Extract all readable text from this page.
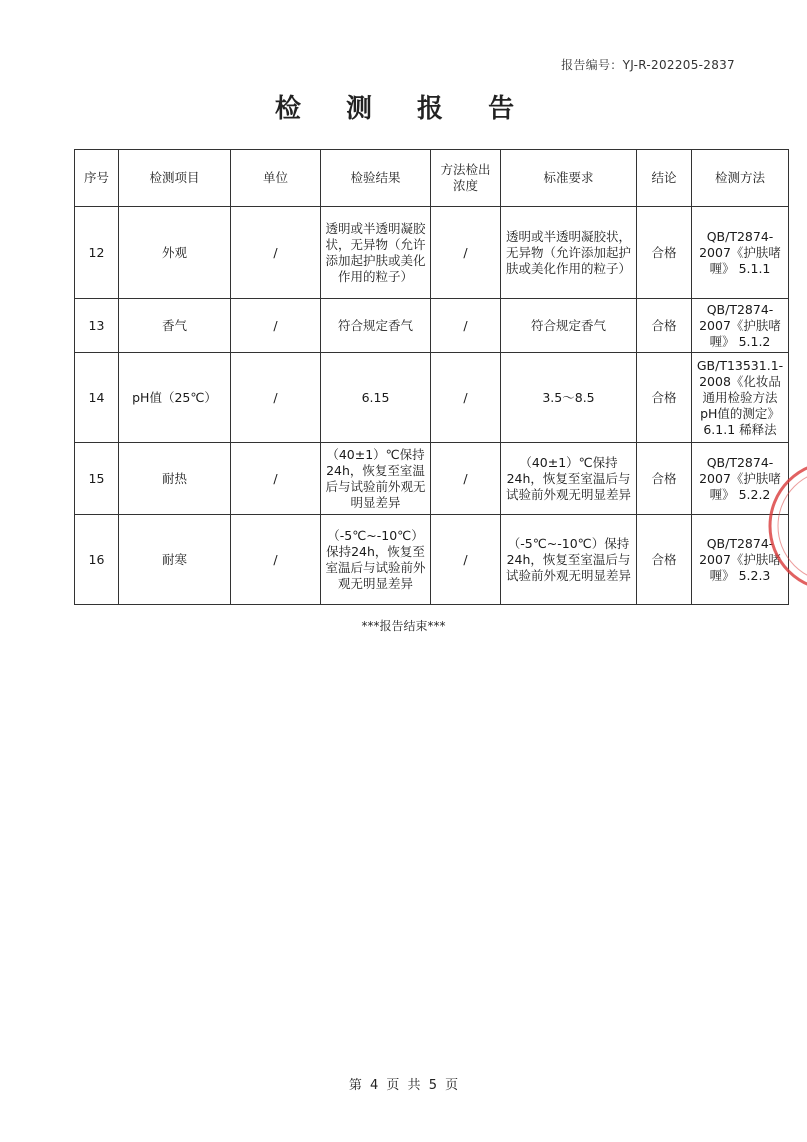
报告编号：YJ-R-202205-2837
检 测 报 告
序号	检测项目	单位	检验结果	方法检出浓度	标准要求	结论	检测方法
12	外观	/	透明或半透明凝胶状，无异物（允许添加起护肤或美化作用的粒子）	/	透明或半透明凝胶状，无异物（允许添加起护肤或美化作用的粒子）	合格	QB/T2874-2007《护肤啫喱》 5.1.1
13	香气	/	符合规定香气	/	符合规定香气	合格	QB/T2874-2007《护肤啫喱》 5.1.2
14	pH值（25℃）	/	6.15	/	3.5～8.5	合格	GB/T13531.1-2008《化妆品通用检验方法pH值的测定》6.1.1 稀释法
15	耐热	/	（40±1）℃保持24h，恢复至室温后与试验前外观无明显差异	/	（40±1）℃保持24h，恢复至室温后与试验前外观无明显差异	合格	QB/T2874-2007《护肤啫喱》 5.2.2
16	耐寒	/	（-5℃~-10℃）保持24h，恢复至室温后与试验前外观无明显差异	/	（-5℃~-10℃）保持24h，恢复至室温后与试验前外观无明显差异	合格	QB/T2874-2007《护肤啫喱》 5.2.3
***报告结束***
第 4 页 共 5 页
